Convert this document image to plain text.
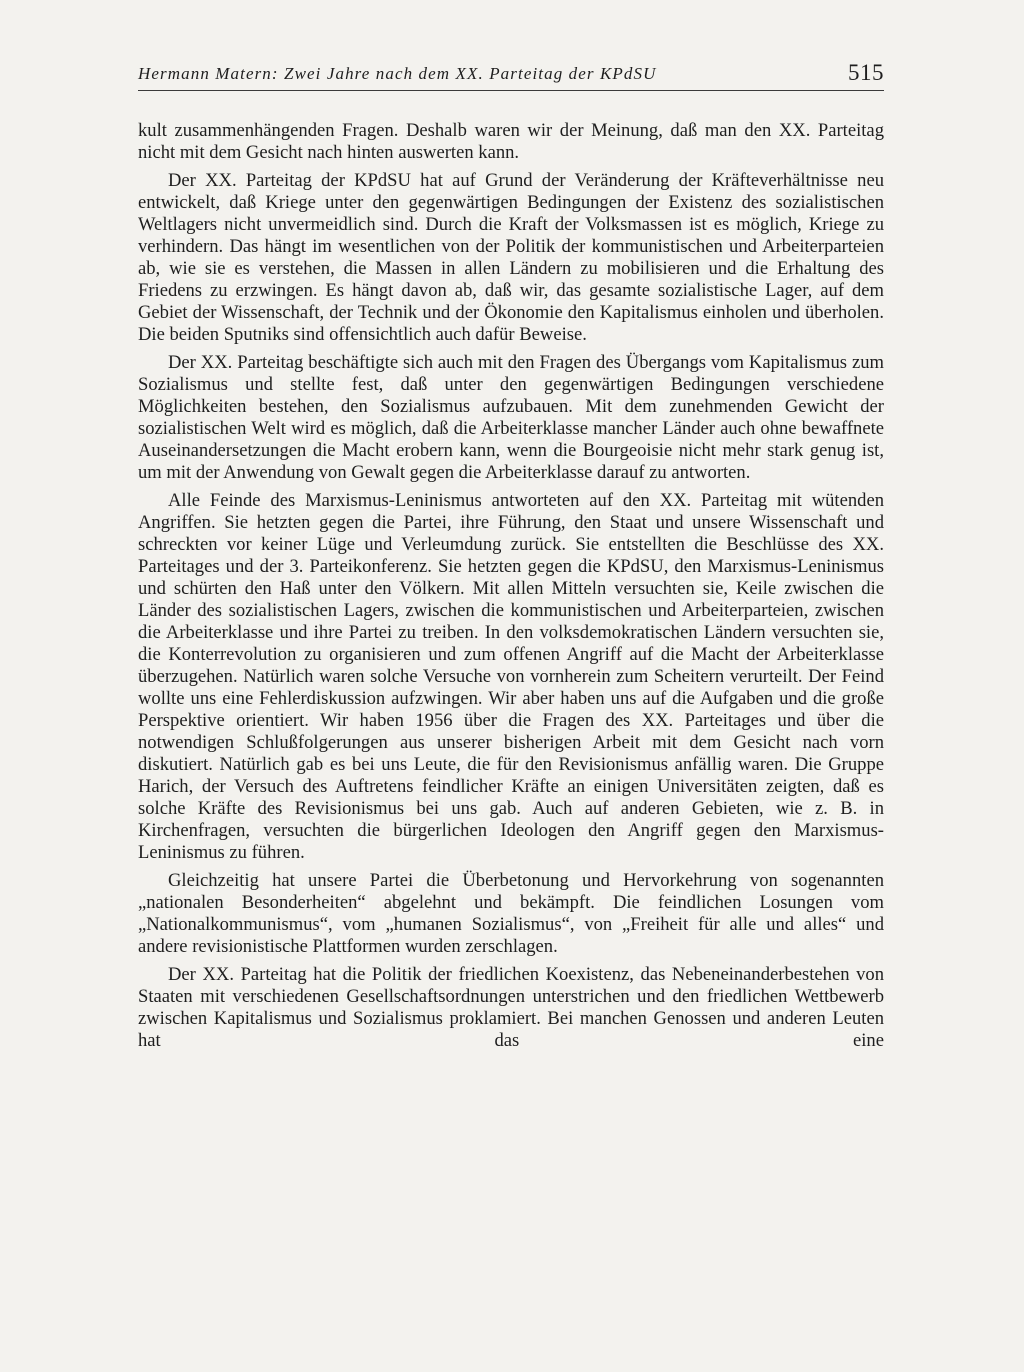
Hermann Matern: Zwei Jahre nach dem XX. Parteitag der KPdSU	515

kult zusammenhängenden Fragen. Deshalb waren wir der Meinung, daß man den XX. Parteitag nicht mit dem Gesicht nach hinten auswerten kann.

Der XX. Parteitag der KPdSU hat auf Grund der Veränderung der Kräfteverhältnisse neu entwickelt, daß Kriege unter den gegenwärtigen Bedingungen der Existenz des sozialistischen Weltlagers nicht unvermeidlich sind. Durch die Kraft der Volksmassen ist es möglich, Kriege zu verhindern. Das hängt im wesentlichen von der Politik der kommunistischen und Arbeiterparteien ab, wie sie es verstehen, die Massen in allen Ländern zu mobilisieren und die Erhaltung des Friedens zu erzwingen. Es hängt davon ab, daß wir, das gesamte sozialistische Lager, auf dem Gebiet der Wissenschaft, der Technik und der Ökonomie den Kapitalismus einholen und überholen. Die beiden Sputniks sind offensichtlich auch dafür Beweise.

Der XX. Parteitag beschäftigte sich auch mit den Fragen des Übergangs vom Kapitalismus zum Sozialismus und stellte fest, daß unter den gegenwärtigen Bedingungen verschiedene Möglichkeiten bestehen, den Sozialismus aufzubauen. Mit dem zunehmenden Gewicht der sozialistischen Welt wird es möglich, daß die Arbeiterklasse mancher Länder auch ohne bewaffnete Auseinandersetzungen die Macht erobern kann, wenn die Bourgeoisie nicht mehr stark genug ist, um mit der Anwendung von Gewalt gegen die Arbeiterklasse darauf zu antworten.

Alle Feinde des Marxismus-Leninismus antworteten auf den XX. Parteitag mit wütenden Angriffen. Sie hetzten gegen die Partei, ihre Führung, den Staat und unsere Wissenschaft und schreckten vor keiner Lüge und Verleumdung zurück. Sie entstellten die Beschlüsse des XX. Parteitages und der 3. Parteikonferenz. Sie hetzten gegen die KPdSU, den Marxismus-Leninismus und schürten den Haß unter den Völkern. Mit allen Mitteln versuchten sie, Keile zwischen die Länder des sozialistischen Lagers, zwischen die kommunistischen und Arbeiterparteien, zwischen die Arbeiterklasse und ihre Partei zu treiben. In den volksdemokratischen Ländern versuchten sie, die Konterrevolution zu organisieren und zum offenen Angriff auf die Macht der Arbeiterklasse überzugehen. Natürlich waren solche Versuche von vornherein zum Scheitern verurteilt. Der Feind wollte uns eine Fehlerdiskussion aufzwingen. Wir aber haben uns auf die Aufgaben und die große Perspektive orientiert. Wir haben 1956 über die Fragen des XX. Parteitages und über die notwendigen Schlußfolgerungen aus unserer bisherigen Arbeit mit dem Gesicht nach vorn diskutiert. Natürlich gab es bei uns Leute, die für den Revisionismus anfällig waren. Die Gruppe Harich, der Versuch des Auftretens feindlicher Kräfte an einigen Universitäten zeigten, daß es solche Kräfte des Revisionismus bei uns gab. Auch auf anderen Gebieten, wie z. B. in Kirchenfragen, versuchten die bürgerlichen Ideologen den Angriff gegen den Marxismus-Leninismus zu führen.

Gleichzeitig hat unsere Partei die Überbetonung und Hervorkehrung von sogenannten „nationalen Besonderheiten“ abgelehnt und bekämpft. Die feindlichen Losungen vom „Nationalkommunismus“, vom „humanen Sozialismus“, von „Freiheit für alle und alles“ und andere revisionistische Plattformen wurden zerschlagen.

Der XX. Parteitag hat die Politik der friedlichen Koexistenz, das Nebeneinanderbestehen von Staaten mit verschiedenen Gesellschaftsordnungen unterstrichen und den friedlichen Wettbewerb zwischen Kapitalismus und Sozialismus proklamiert. Bei manchen Genossen und anderen Leuten hat das eine
